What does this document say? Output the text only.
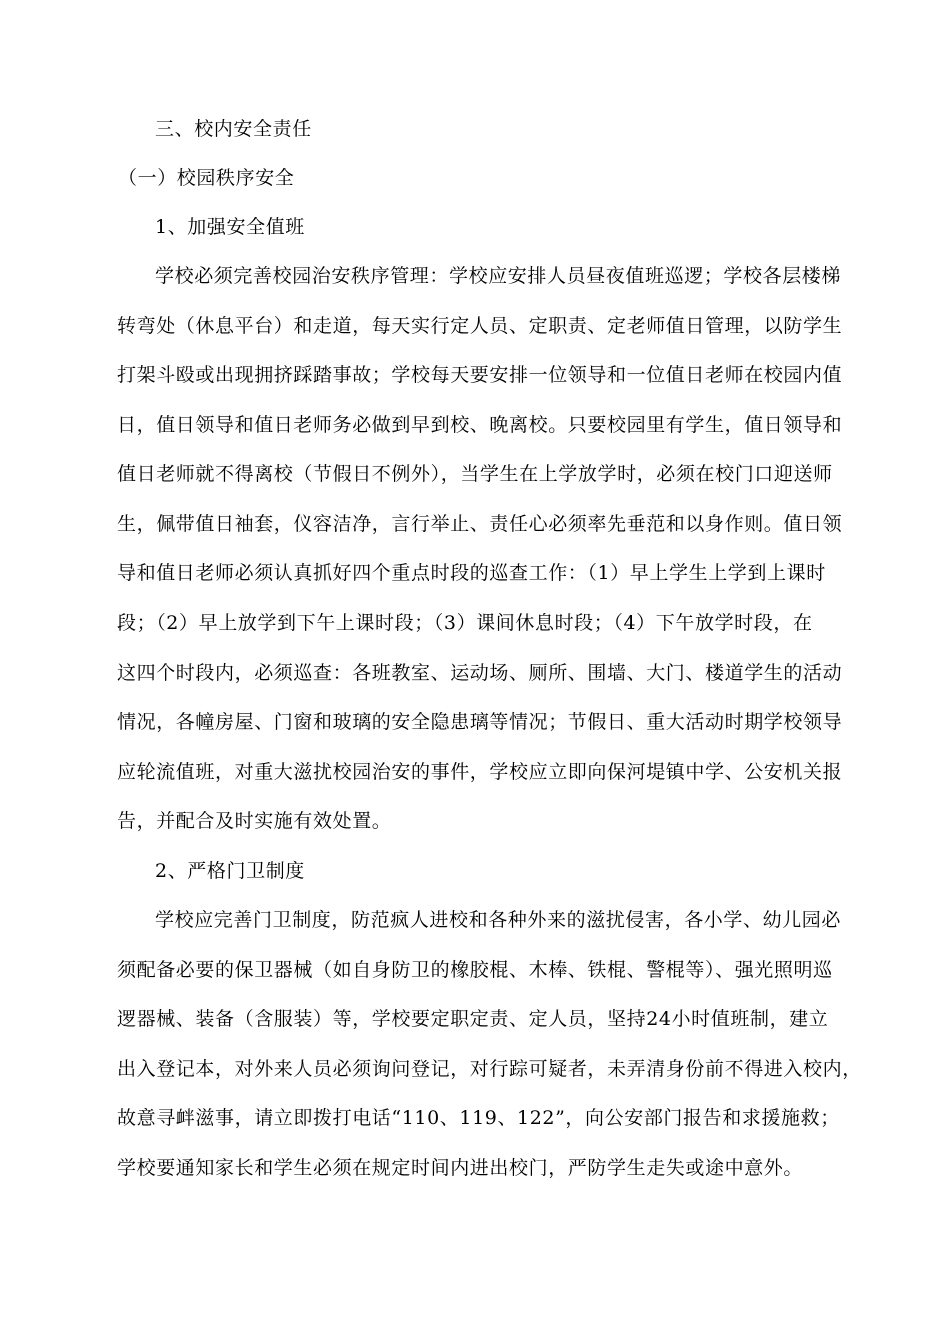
三、校内安全责任
（一）校园秩序安全
1、加强安全值班
学校必须完善校园治安秩序管理：学校应安排人员昼夜值班巡逻；学校各层楼梯
转弯处（休息平台）和走道，每天实行定人员、定职责、定老师值日管理，以防学生
打架斗殴或出现拥挤踩踏事故；学校每天要安排一位领导和一位值日老师在校园内值
日，值日领导和值日老师务必做到早到校、晚离校。只要校园里有学生，值日领导和
值日老师就不得离校（节假日不例外），当学生在上学放学时，必须在校门口迎送师
生，佩带值日袖套，仪容洁净，言行举止、责任心必须率先垂范和以身作则。值日领
导和值日老师必须认真抓好四个重点时段的巡查工作：（1）早上学生上学到上课时
段；（2）早上放学到下午上课时段；（3）课间休息时段；（4）下午放学时段，在
这四个时段内，必须巡查：各班教室、运动场、厕所、围墙、大门、楼道学生的活动
情况，各幢房屋、门窗和玻璃的安全隐患璃等情况；节假日、重大活动时期学校领导
应轮流值班，对重大滋扰校园治安的事件，学校应立即向保河堤镇中学、公安机关报
告，并配合及时实施有效处置。
2、严格门卫制度
学校应完善门卫制度，防范疯人进校和各种外来的滋扰侵害，各小学、幼儿园必
须配备必要的保卫器械（如自身防卫的橡胶棍、木棒、铁棍、警棍等）、强光照明巡
逻器械、装备（含服装）等，学校要定职定责、定人员，坚持24小时值班制，建立
出入登记本，对外来人员必须询问登记，对行踪可疑者，未弄清身份前不得进入校内，
故意寻衅滋事，请立即拨打电话“110、119、122”，向公安部门报告和求援施救；
学校要通知家长和学生必须在规定时间内进出校门，严防学生走失或途中意外。
